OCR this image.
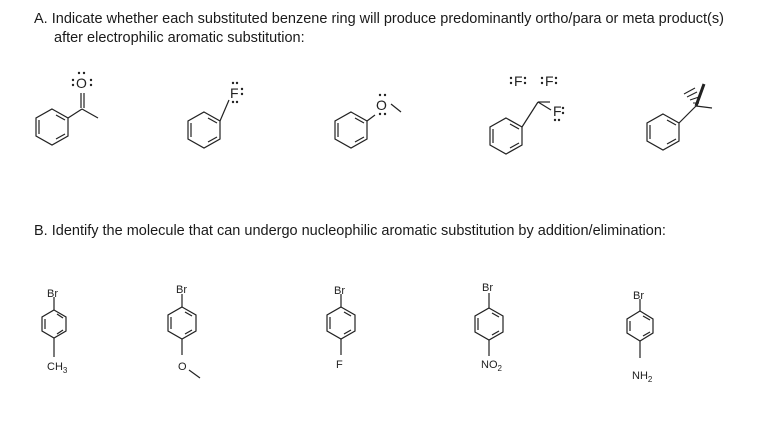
A. Indicate whether each substituted benzene ring will produce predominantly ortho/para or meta product(s)
after electrophilic aromatic substitution:
B. Identify the molecule that can undergo nucleophilic aromatic substitution by addition/elimination:
O
F
O
F F
F
Br
$CH_3$
Br
O
Br
F
Br
$NO_2$
Br
$NH_2$
